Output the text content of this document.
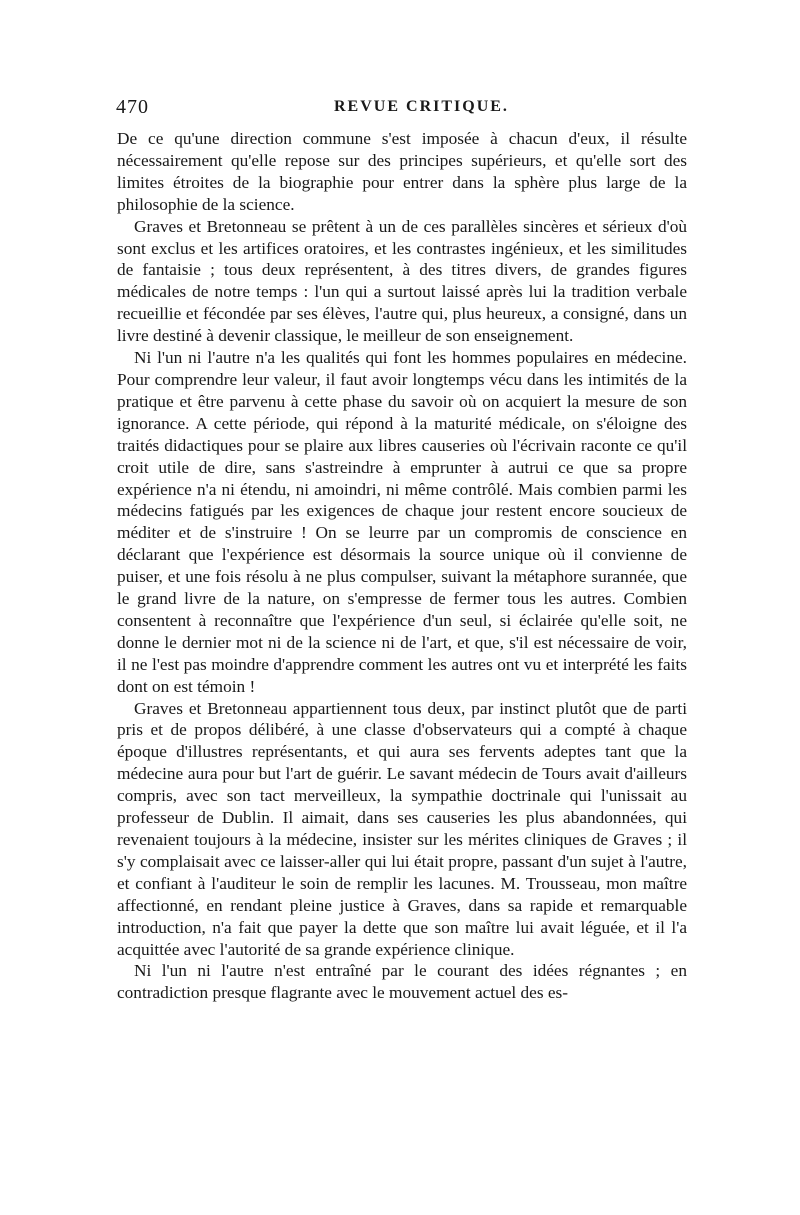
470	REVUE CRITIQUE.

De ce qu'une direction commune s'est imposée à chacun d'eux, il résulte nécessairement qu'elle repose sur des principes supérieurs, et qu'elle sort des limites étroites de la biographie pour entrer dans la sphère plus large de la philosophie de la science.

Graves et Bretonneau se prêtent à un de ces parallèles sincères et sérieux d'où sont exclus et les artifices oratoires, et les contrastes ingénieux, et les similitudes de fantaisie ; tous deux représentent, à des titres divers, de grandes figures médicales de notre temps : l'un qui a surtout laissé après lui la tradition verbale recueillie et fécondée par ses élèves, l'autre qui, plus heureux, a consigné, dans un livre destiné à devenir classique, le meilleur de son enseignement.

Ni l'un ni l'autre n'a les qualités qui font les hommes populaires en médecine. Pour comprendre leur valeur, il faut avoir longtemps vécu dans les intimités de la pratique et être parvenu à cette phase du savoir où on acquiert la mesure de son ignorance. A cette période, qui répond à la maturité médicale, on s'éloigne des traités didactiques pour se plaire aux libres causeries où l'écrivain raconte ce qu'il croit utile de dire, sans s'astreindre à emprunter à autrui ce que sa propre expérience n'a ni étendu, ni amoindri, ni même contrôlé. Mais combien parmi les médecins fatigués par les exigences de chaque jour restent encore soucieux de méditer et de s'instruire ! On se leurre par un compromis de conscience en déclarant que l'expérience est désormais la source unique où il convienne de puiser, et une fois résolu à ne plus compulser, suivant la métaphore surannée, que le grand livre de la nature, on s'empresse de fermer tous les autres. Combien consentent à reconnaître que l'expérience d'un seul, si éclairée qu'elle soit, ne donne le dernier mot ni de la science ni de l'art, et que, s'il est nécessaire de voir, il ne l'est pas moindre d'apprendre comment les autres ont vu et interprété les faits dont on est témoin !

Graves et Bretonneau appartiennent tous deux, par instinct plutôt que de parti pris et de propos délibéré, à une classe d'observateurs qui a compté à chaque époque d'illustres représentants, et qui aura ses fervents adeptes tant que la médecine aura pour but l'art de guérir. Le savant médecin de Tours avait d'ailleurs compris, avec son tact merveilleux, la sympathie doctrinale qui l'unissait au professeur de Dublin. Il aimait, dans ses causeries les plus abandonnées, qui revenaient toujours à la médecine, insister sur les mérites cliniques de Graves ; il s'y complaisait avec ce laisser-aller qui lui était propre, passant d'un sujet à l'autre, et confiant à l'auditeur le soin de remplir les lacunes. M. Trousseau, mon maître affectionné, en rendant pleine justice à Graves, dans sa rapide et remarquable introduction, n'a fait que payer la dette que son maître lui avait léguée, et il l'a acquittée avec l'autorité de sa grande expérience clinique.

Ni l'un ni l'autre n'est entraîné par le courant des idées régnantes ; en contradiction presque flagrante avec le mouvement actuel des es-
